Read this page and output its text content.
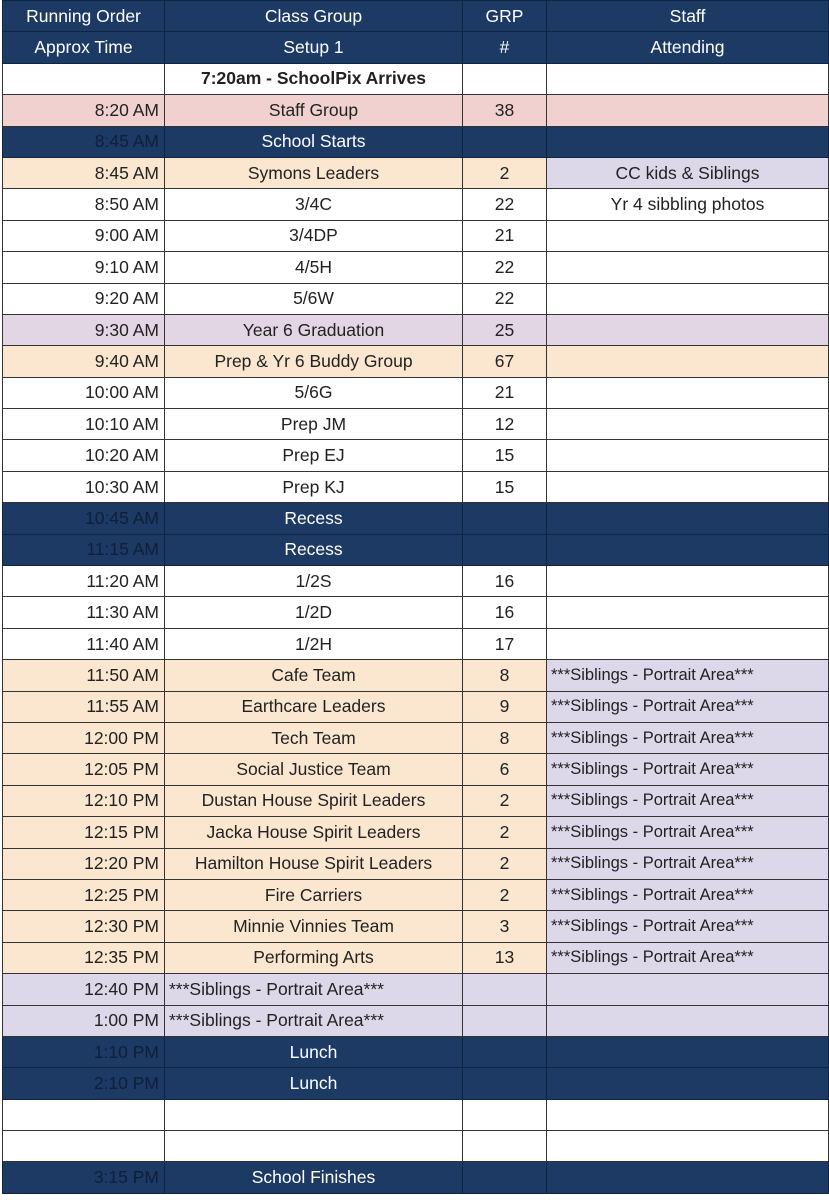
Running Order	Class Group	GRP	Staff
Approx Time	Setup 1	#	Attending
	7:20am - SchoolPix Arrives		
8:20 AM	Staff Group	38	
8:45 AM	School Starts		
8:45 AM	Symons Leaders	2	CC kids & Siblings
8:50 AM	3/4C	22	Yr 4 sibbling photos
9:00 AM	3/4DP	21	
9:10 AM	4/5H	22	
9:20 AM	5/6W	22	
9:30 AM	Year 6 Graduation	25	
9:40 AM	Prep & Yr 6 Buddy Group	67	
10:00 AM	5/6G	21	
10:10 AM	Prep JM	12	
10:20 AM	Prep EJ	15	
10:30 AM	Prep KJ	15	
10:45 AM	Recess		
11:15 AM	Recess		
11:20 AM	1/2S	16	
11:30 AM	1/2D	16	
11:40 AM	1/2H	17	
11:50 AM	Cafe Team	8	***Siblings - Portrait Area***
11:55 AM	Earthcare Leaders	9	***Siblings - Portrait Area***
12:00 PM	Tech Team	8	***Siblings - Portrait Area***
12:05 PM	Social Justice Team	6	***Siblings - Portrait Area***
12:10 PM	Dustan House Spirit Leaders	2	***Siblings - Portrait Area***
12:15 PM	Jacka House Spirit Leaders	2	***Siblings - Portrait Area***
12:20 PM	Hamilton House Spirit Leaders	2	***Siblings - Portrait Area***
12:25 PM	Fire Carriers	2	***Siblings - Portrait Area***
12:30 PM	Minnie Vinnies Team	3	***Siblings - Portrait Area***
12:35 PM	Performing Arts	13	***Siblings - Portrait Area***
12:40 PM	***Siblings - Portrait Area***		
1:00 PM	***Siblings - Portrait Area***		
1:10 PM	Lunch		
2:10 PM	Lunch		

3:15 PM	School Finishes		
